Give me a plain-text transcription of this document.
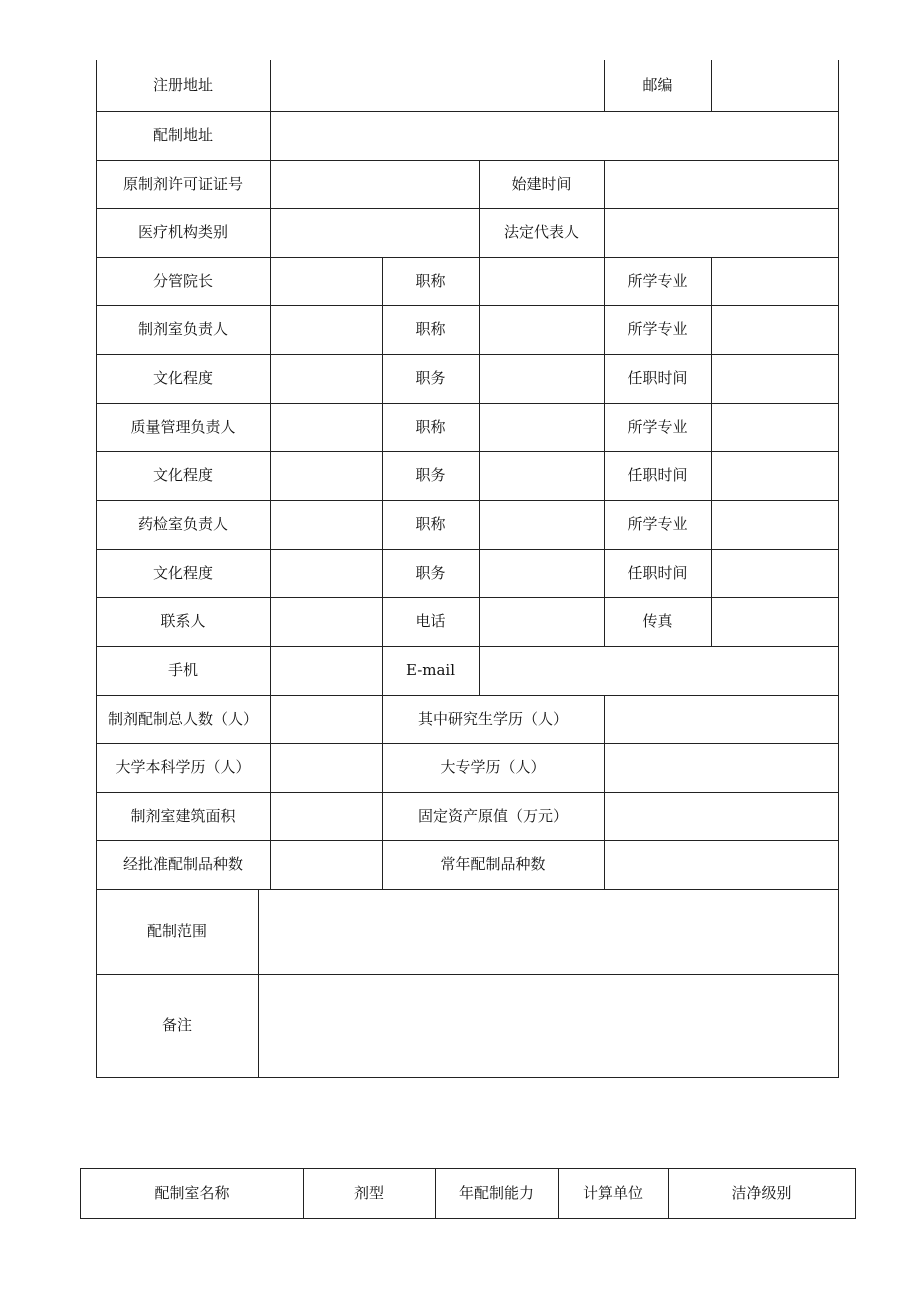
注册地址	邮编
配制地址
原制剂许可证证号	始建时间
医疗机构类别	法定代表人
分管院长	职称	所学专业
制剂室负责人	职称	所学专业
文化程度	职务	任职时间
质量管理负责人	职称	所学专业
文化程度	职务	任职时间
药检室负责人	职称	所学专业
文化程度	职务	任职时间
联系人	电话	传真
手机	E-mail
制剂配制总人数（人）	其中研究生学历（人）
大学本科学历（人）	大专学历（人）
制剂室建筑面积	固定资产原值（万元）
经批准配制品种数	常年配制品种数
配制范围
备注
配制室名称	剂型	年配制能力	计算单位	洁净级别
